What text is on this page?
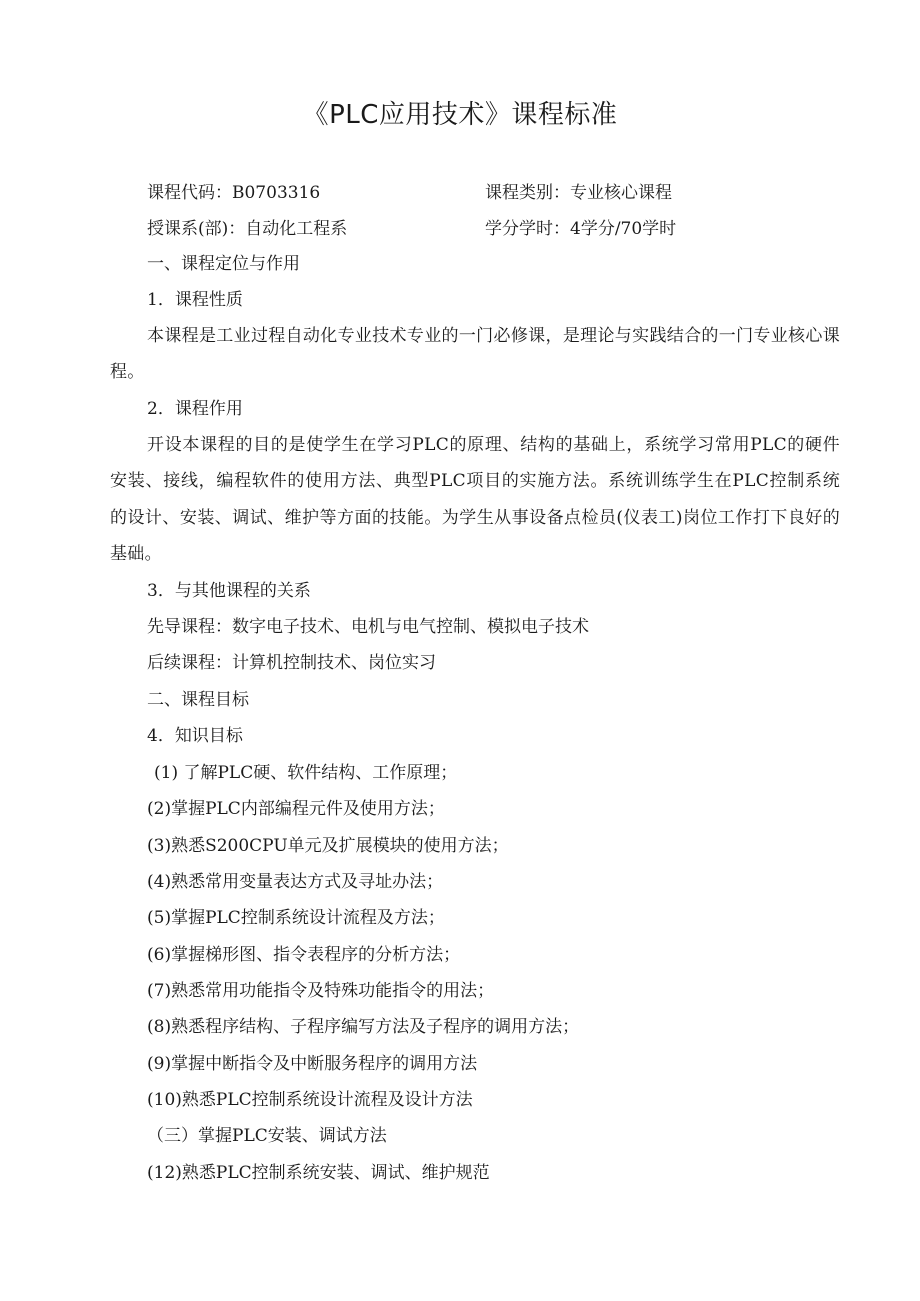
《PLC应用技术》课程标准
课程代码：B0703316	课程类别：专业核心课程
授课系(部)：自动化工程系	学分学时：4学分/70学时
一、课程定位与作用
1．课程性质
本课程是工业过程自动化专业技术专业的一门必修课，是理论与实践结合的一门专业核心课程。
2．课程作用
开设本课程的目的是使学生在学习PLC的原理、结构的基础上，系统学习常用PLC的硬件安装、接线，编程软件的使用方法、典型PLC项目的实施方法。系统训练学生在PLC控制系统的设计、安装、调试、维护等方面的技能。为学生从事设备点检员(仪表工)岗位工作打下良好的基础。
3．与其他课程的关系
先导课程：数字电子技术、电机与电气控制、模拟电子技术
后续课程：计算机控制技术、岗位实习
二、课程目标
4．知识目标
(1) 了解PLC硬、软件结构、工作原理；
(2)掌握PLC内部编程元件及使用方法；
(3)熟悉S200CPU单元及扩展模块的使用方法；
(4)熟悉常用变量表达方式及寻址办法；
(5)掌握PLC控制系统设计流程及方法；
(6)掌握梯形图、指令表程序的分析方法；
(7)熟悉常用功能指令及特殊功能指令的用法；
(8)熟悉程序结构、子程序编写方法及子程序的调用方法；
(9)掌握中断指令及中断服务程序的调用方法
(10)熟悉PLC控制系统设计流程及设计方法
（三）掌握PLC安装、调试方法
(12)熟悉PLC控制系统安装、调试、维护规范
